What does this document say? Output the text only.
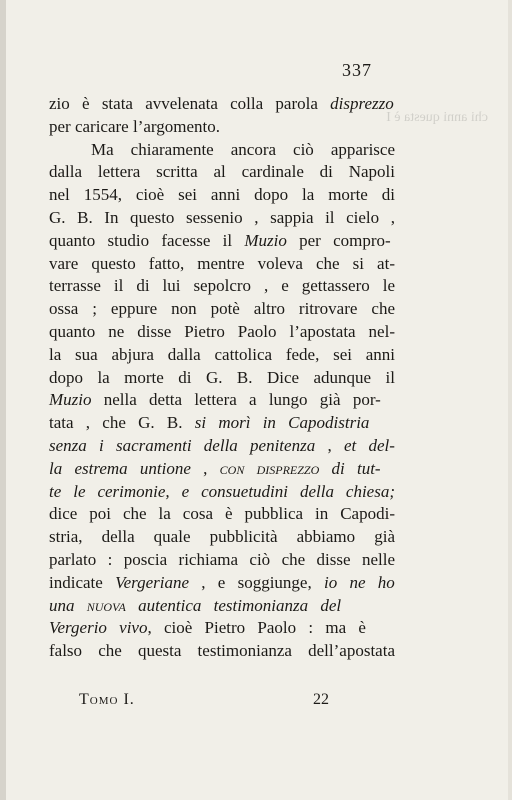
337
chi anni questa è I
zio è stata avvelenata colla parola disprezzo
per caricare l’argomento.
Ma chiaramente ancora ciò apparisce
dalla lettera scritta al cardinale di Napoli
nel 1554, cioè sei anni dopo la morte di
G. B. In questo sessenio , sappia il cielo ,
quanto studio facesse il Muzio per compro-
vare questo fatto, mentre voleva che si at-
terrasse il di lui sepolcro , e gettassero le
ossa ; eppure non potè altro ritrovare che
quanto ne disse Pietro Paolo l’apostata nel-
la sua abjura dalla cattolica fede, sei anni
dopo la morte di G. B. Dice adunque il
Muzio nella detta lettera a lungo già por-
tata , che G. B. si morì in Capodistria
senza i sacramenti della penitenza , et del-
la estrema untione , con disprezzo
di tut-
te le cerimonie, e consuetudini della chiesa;
dice poi che la cosa è pubblica in Capodi-
stria, della quale pubblicità abbiamo già
parlato : poscia richiama ciò che disse nelle
indicate Vergeriane , e soggiunge, io ne ho
una nuova autentica testimonianza del
Vergerio vivo , cioè Pietro Paolo : ma è
falso che questa testimonianza dell’apostata
Tomo I.	22
